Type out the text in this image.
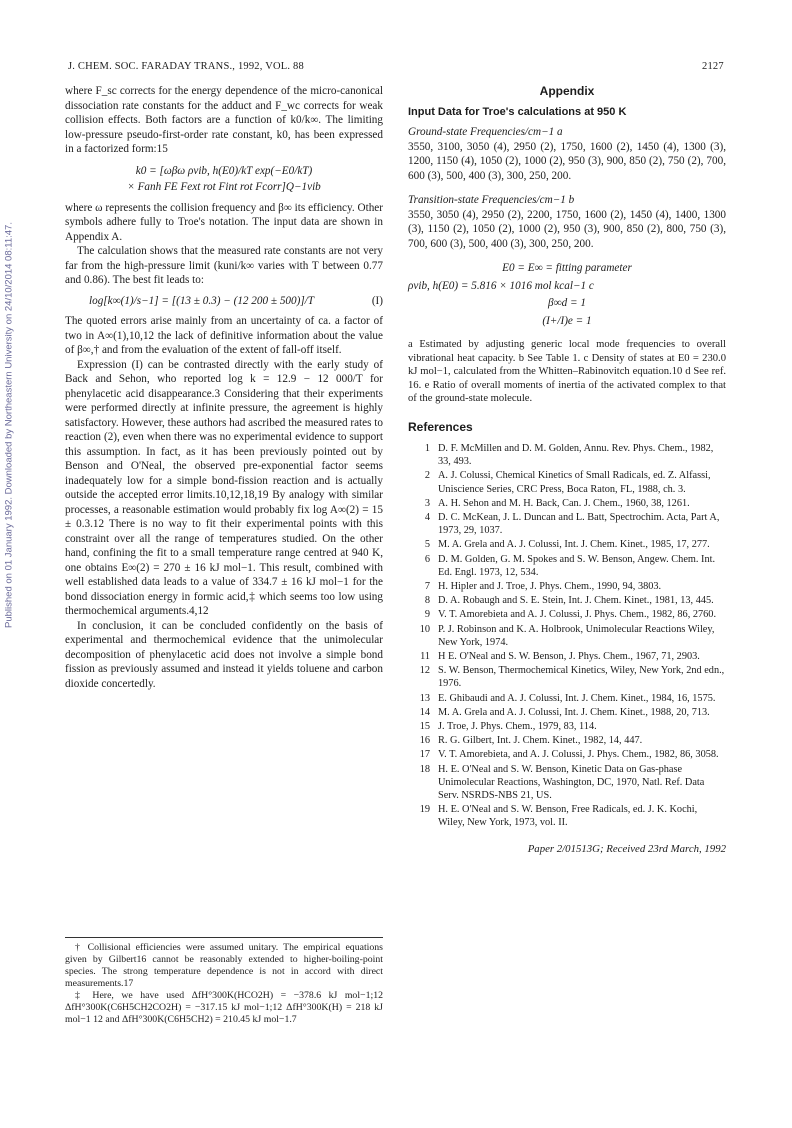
J. CHEM. SOC. FARADAY TRANS., 1992, VOL. 88	2127
Published on 01 January 1992. Downloaded by Northeastern University on 24/10/2014 08:11:47.

where F_sc corrects for the energy dependence of the micro-canonical dissociation rate constants for the adduct and F_wc corrects for weak collision effects. Both factors are a function of k0/k∞. The limiting low-pressure pseudo-first-order rate constant, k0, has been expressed in a factorized form:15

k0 = [ωβω ρvib, h(E0)/kT exp(−E0/kT)
× Fanh FE Fext rot Fint rot Fcorr]Q−1vib

where ω represents the collision frequency and β∞ its efficiency. Other symbols adhere fully to Troe's notation. The input data are shown in Appendix A.

The calculation shows that the measured rate constants are not very far from the high-pressure limit (kuni/k∞ varies with T between 0.77 and 0.86). The best fit leads to:

log[k∞(1)/s−1] = [(13 ± 0.3) − (12 200 ± 500)]/T	(I)

The quoted errors arise mainly from an uncertainty of ca. a factor of two in A∞(1),10,12 the lack of definitive information about the value of β∞,† and from the evaluation of the extent of fall-off itself.

Expression (I) can be contrasted directly with the early study of Back and Sehon, who reported log k = 12.9 − 12 000/T for phenylacetic acid disappearance.3 Considering that their experiments were performed directly at infinite pressure, the agreement is highly satisfactory. However, these authors had ascribed the measured rates to reaction (2), even when there was no experimental evidence to support this assumption. In fact, as it has been previously pointed out by Benson and O'Neal, the observed pre-exponential factor seems inadequately low for a simple bond-fission reaction and is actually outside the accepted error limits.10,12,18,19 By analogy with similar processes, a reasonable estimation would probably fix log A∞(2) = 15 ± 0.3.12 There is no way to fit their experimental points with this constraint over all the range of temperatures studied. On the other hand, confining the fit to a small temperature range centred at 940 K, one obtains E∞(2) = 270 ± 16 kJ mol−1. This result, combined with well established data leads to a value of 334.7 ± 16 kJ mol−1 for the bond dissociation energy in formic acid,‡ which seems too low using thermochemical arguments.4,12

In conclusion, it can be concluded confidently on the basis of experimental and thermochemical evidence that the unimolecular decomposition of phenylacetic acid does not involve a simple bond fission as previously assumed and instead it yields toluene and carbon dioxide concertedly.

† Collisional efficiencies were assumed unitary. The empirical equations given by Gilbert16 cannot be reasonably extended to higher-boiling-point species. The strong temperature dependence is not in accord with direct measurements.17

‡ Here, we have used ΔfH°300K(HCO2H) = −378.6 kJ mol−1;12 ΔfH°300K(C6H5CH2CO2H) = −317.15 kJ mol−1;12 ΔfH°300K(H) = 218 kJ mol−1 12 and ΔfH°300K(C6H5CH2) = 210.45 kJ mol−1.7

Appendix
Input Data for Troe's calculations at 950 K
Ground-state Frequencies/cm−1 a

3550, 3100, 3050 (4), 2950 (2), 1750, 1600 (2), 1450 (4), 1300 (3), 1200, 1150 (4), 1050 (2), 1000 (2), 950 (3), 900, 850 (2), 750 (2), 700, 600 (3), 500, 400 (3), 300, 250, 200.

Transition-state Frequencies/cm−1 b

3550, 3050 (4), 2950 (2), 2200, 1750, 1600 (2), 1450 (4), 1400, 1300 (3), 1150 (2), 1050 (2), 1000 (2), 950 (3), 900, 850 (2), 800, 750 (3), 700, 600 (3), 500, 400 (3), 300, 250, 200.

E0 = E∞ = fitting parameter
ρvib, h(E0) = 5.816 × 1016 mol kcal−1 c
β∞d = 1
(I+/I)e = 1

a Estimated by adjusting generic local mode frequencies to overall vibrational heat capacity. b See Table 1. c Density of states at E0 = 230.0 kJ mol−1, calculated from the Whitten–Rabinovitch equation.10 d See ref. 16. e Ratio of overall moments of inertia of the activated complex to that of the ground-state molecule.

References
1 D. F. McMillen and D. M. Golden, Annu. Rev. Phys. Chem., 1982, 33, 493.
2 A. J. Colussi, Chemical Kinetics of Small Radicals, ed. Z. Alfassi, Uniscience Series, CRC Press, Boca Raton, FL, 1988, ch. 3.
3 A. H. Sehon and M. H. Back, Can. J. Chem., 1960, 38, 1261.
4 D. C. McKean, J. L. Duncan and L. Batt, Spectrochim. Acta, Part A, 1973, 29, 1037.
5 M. A. Grela and A. J. Colussi, Int. J. Chem. Kinet., 1985, 17, 277.
6 D. M. Golden, G. M. Spokes and S. W. Benson, Angew. Chem. Int. Ed. Engl. 1973, 12, 534.
7 H. Hipler and J. Troe, J. Phys. Chem., 1990, 94, 3803.
8 D. A. Robaugh and S. E. Stein, Int. J. Chem. Kinet., 1981, 13, 445.
9 V. T. Amorebieta and A. J. Colussi, J. Phys. Chem., 1982, 86, 2760.
10 P. J. Robinson and K. A. Holbrook, Unimolecular Reactions Wiley, New York, 1974.
11 H E. O'Neal and S. W. Benson, J. Phys. Chem., 1967, 71, 2903.
12 S. W. Benson, Thermochemical Kinetics, Wiley, New York, 2nd edn., 1976.
13 E. Ghibaudi and A. J. Colussi, Int. J. Chem. Kinet., 1984, 16, 1575.
14 M. A. Grela and A. J. Colussi, Int. J. Chem. Kinet., 1988, 20, 713.
15 J. Troe, J. Phys. Chem., 1979, 83, 114.
16 R. G. Gilbert, Int. J. Chem. Kinet., 1982, 14, 447.
17 V. T. Amorebieta, and A. J. Colussi, J. Phys. Chem., 1982, 86, 3058.
18 H. E. O'Neal and S. W. Benson, Kinetic Data on Gas-phase Unimolecular Reactions, Washington, DC, 1970, Natl. Ref. Data Serv. NSRDS-NBS 21, US.
19 H. E. O'Neal and S. W. Benson, Free Radicals, ed. J. K. Kochi, Wiley, New York, 1973, vol. II.
Paper 2/01513G; Received 23rd March, 1992
